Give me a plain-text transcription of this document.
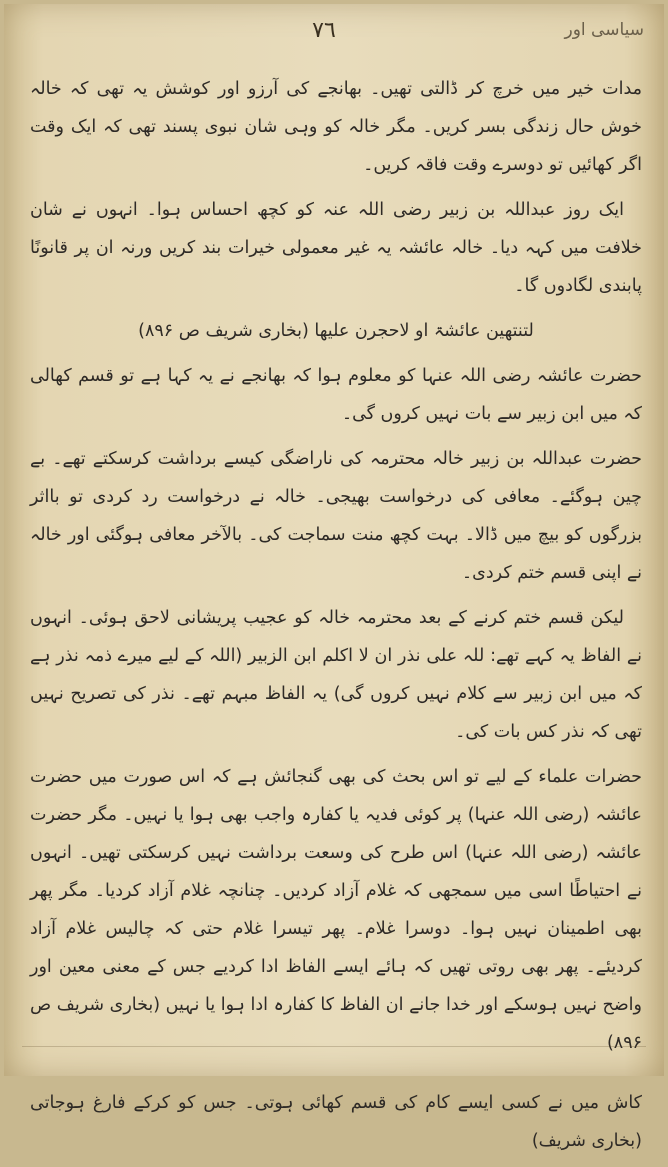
٧٦	سیاسی اور

مدات خیر میں خرچ کر ڈالتی تھیں۔ بھانجے کی آرزو اور کوشش یہ تھی کہ خالہ خوش حال زندگی بسر کریں۔ مگر خالہ کو وہی شان نبوی پسند تھی کہ ایک وقت اگر کھائیں تو دوسرے وقت فاقہ کریں۔

ایک روز عبداللہ بن زبیر رضی اللہ عنہ کو کچھ احساس ہوا۔ انہوں نے شان خلافت میں کہہ دیا۔ خالہ عائشہ یہ غیر معمولی خیرات بند کریں ورنہ ان پر قانونًا پابندی لگادوں گا۔

لتنتھین عائشۃ او لاحجرن علیھا (بخاری شریف ص ۸۹۶)

حضرت عائشہ رضی اللہ عنہا کو معلوم ہوا کہ بھانجے نے یہ کہا ہے تو قسم کھالی کہ میں ابن زبیر سے بات نہیں کروں گی۔

حضرت عبداللہ بن زبیر خالہ محترمہ کی ناراضگی کیسے برداشت کرسکتے تھے۔ بے چین ہوگئے۔ معافی کی درخواست بھیجی۔ خالہ نے درخواست رد کردی تو بااثر بزرگوں کو بیچ میں ڈالا۔ بہت کچھ منت سماجت کی۔ بالآخر معافی ہوگئی اور خالہ نے اپنی قسم ختم کردی۔

لیکن قسم ختم کرنے کے بعد محترمہ خالہ کو عجیب پریشانی لاحق ہوئی۔ انہوں نے الفاظ یہ کہے تھے: للہ علی نذر ان لا اکلم ابن الزبیر (اللہ کے لیے میرے ذمہ نذر ہے کہ میں ابن زبیر سے کلام نہیں کروں گی) یہ الفاظ مبہم تھے۔ نذر کی تصریح نہیں تھی کہ نذر کس بات کی۔

حضرات علماء کے لیے تو اس بحث کی بھی گنجائش ہے کہ اس صورت میں حضرت عائشہ (رضی اللہ عنہا) پر کوئی فدیہ یا کفارہ واجب بھی ہوا یا نہیں۔ مگر حضرت عائشہ (رضی اللہ عنہا) اس طرح کی وسعت برداشت نہیں کرسکتی تھیں۔ انہوں نے احتیاطًا اسی میں سمجھی کہ غلام آزاد کردیں۔ چنانچہ غلام آزاد کردیا۔ مگر پھر بھی اطمینان نہیں ہوا۔ دوسرا غلام۔ پھر تیسرا غلام حتی کہ چالیس غلام آزاد کردیئے۔ پھر بھی روتی تھیں کہ ہائے ایسے الفاظ ادا کردیے جس کے معنی معین اور واضح نہیں ہوسکے اور خدا جانے ان الفاظ کا کفارہ ادا ہوا یا نہیں (بخاری شریف ص ۸۹۶)

کاش میں نے کسی ایسے کام کی قسم کھائی ہوتی۔ جس کو کرکے فارغ ہوجاتی (بخاری شریف)
